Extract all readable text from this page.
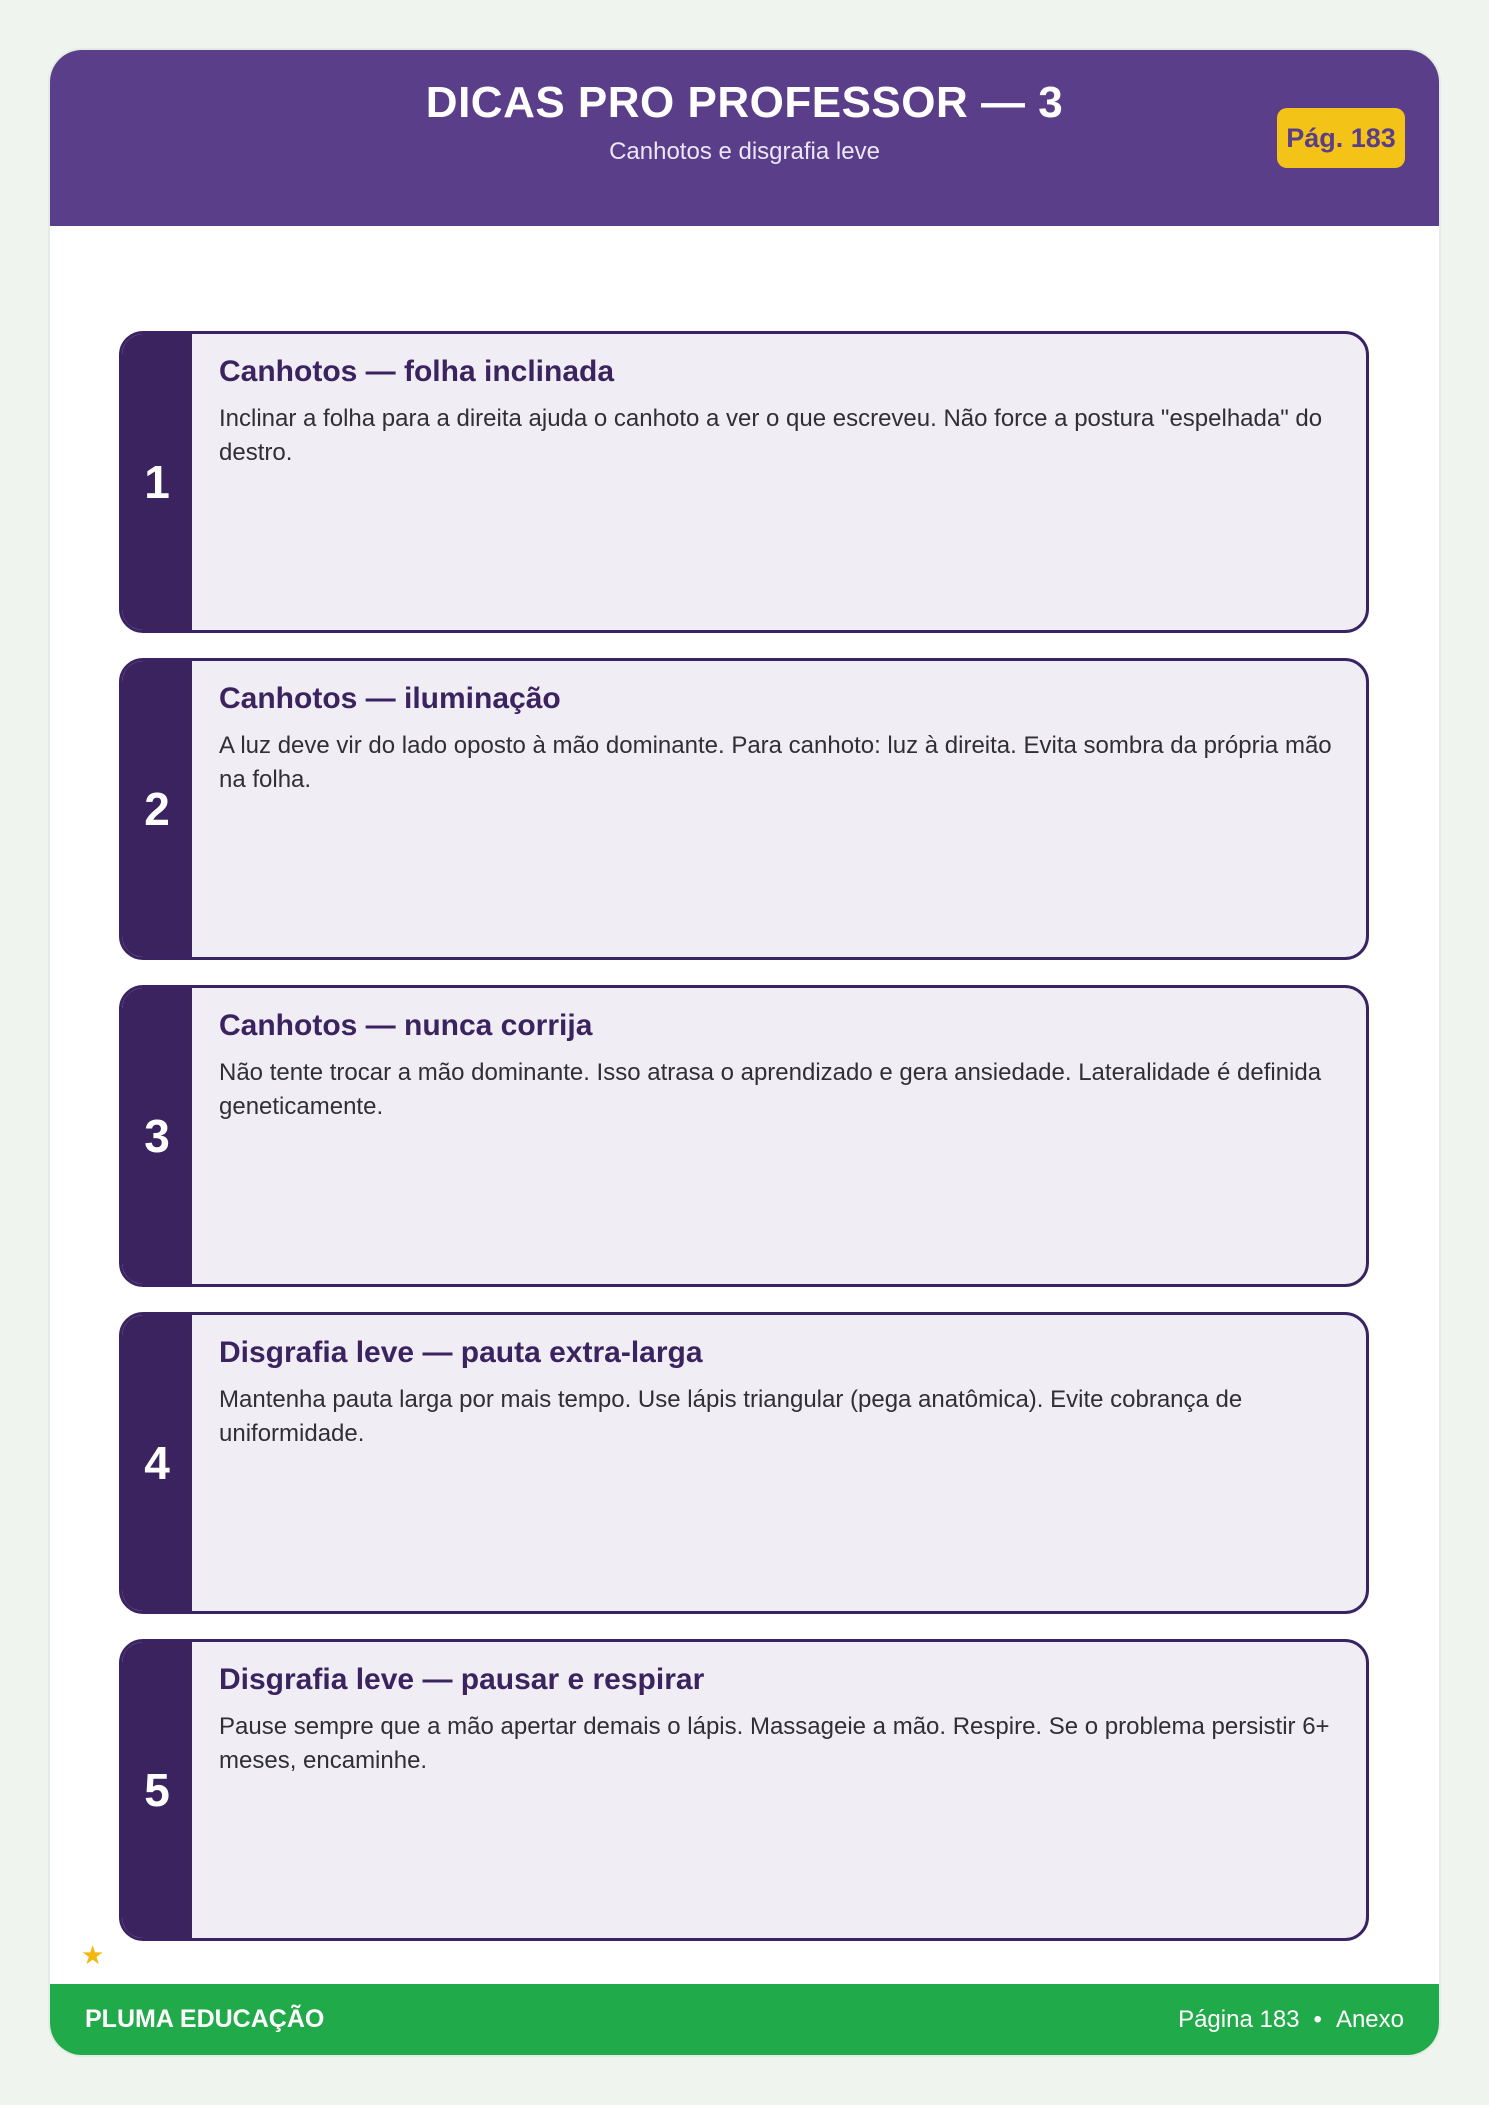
DICAS PRO PROFESSOR — 3
Canhotos e disgrafia leve	Pág. 183
1
Canhotos — folha inclinada
Inclinar a folha para a direita ajuda o canhoto a ver o que escreveu. Não force a postura "espelhada" do destro.
2
Canhotos — iluminação
A luz deve vir do lado oposto à mão dominante. Para canhoto: luz à direita. Evita sombra da própria mão na folha.
3
Canhotos — nunca corrija
Não tente trocar a mão dominante. Isso atrasa o aprendizado e gera ansiedade. Lateralidade é definida geneticamente.
4
Disgrafia leve — pauta extra-larga
Mantenha pauta larga por mais tempo. Use lápis triangular (pega anatômica). Evite cobrança de uniformidade.
5
Disgrafia leve — pausar e respirar
Pause sempre que a mão apertar demais o lápis. Massageie a mão. Respire. Se o problema persistir 6+ meses, encaminhe.
★
PLUMA EDUCAÇÃO	Página 183 • Anexo
